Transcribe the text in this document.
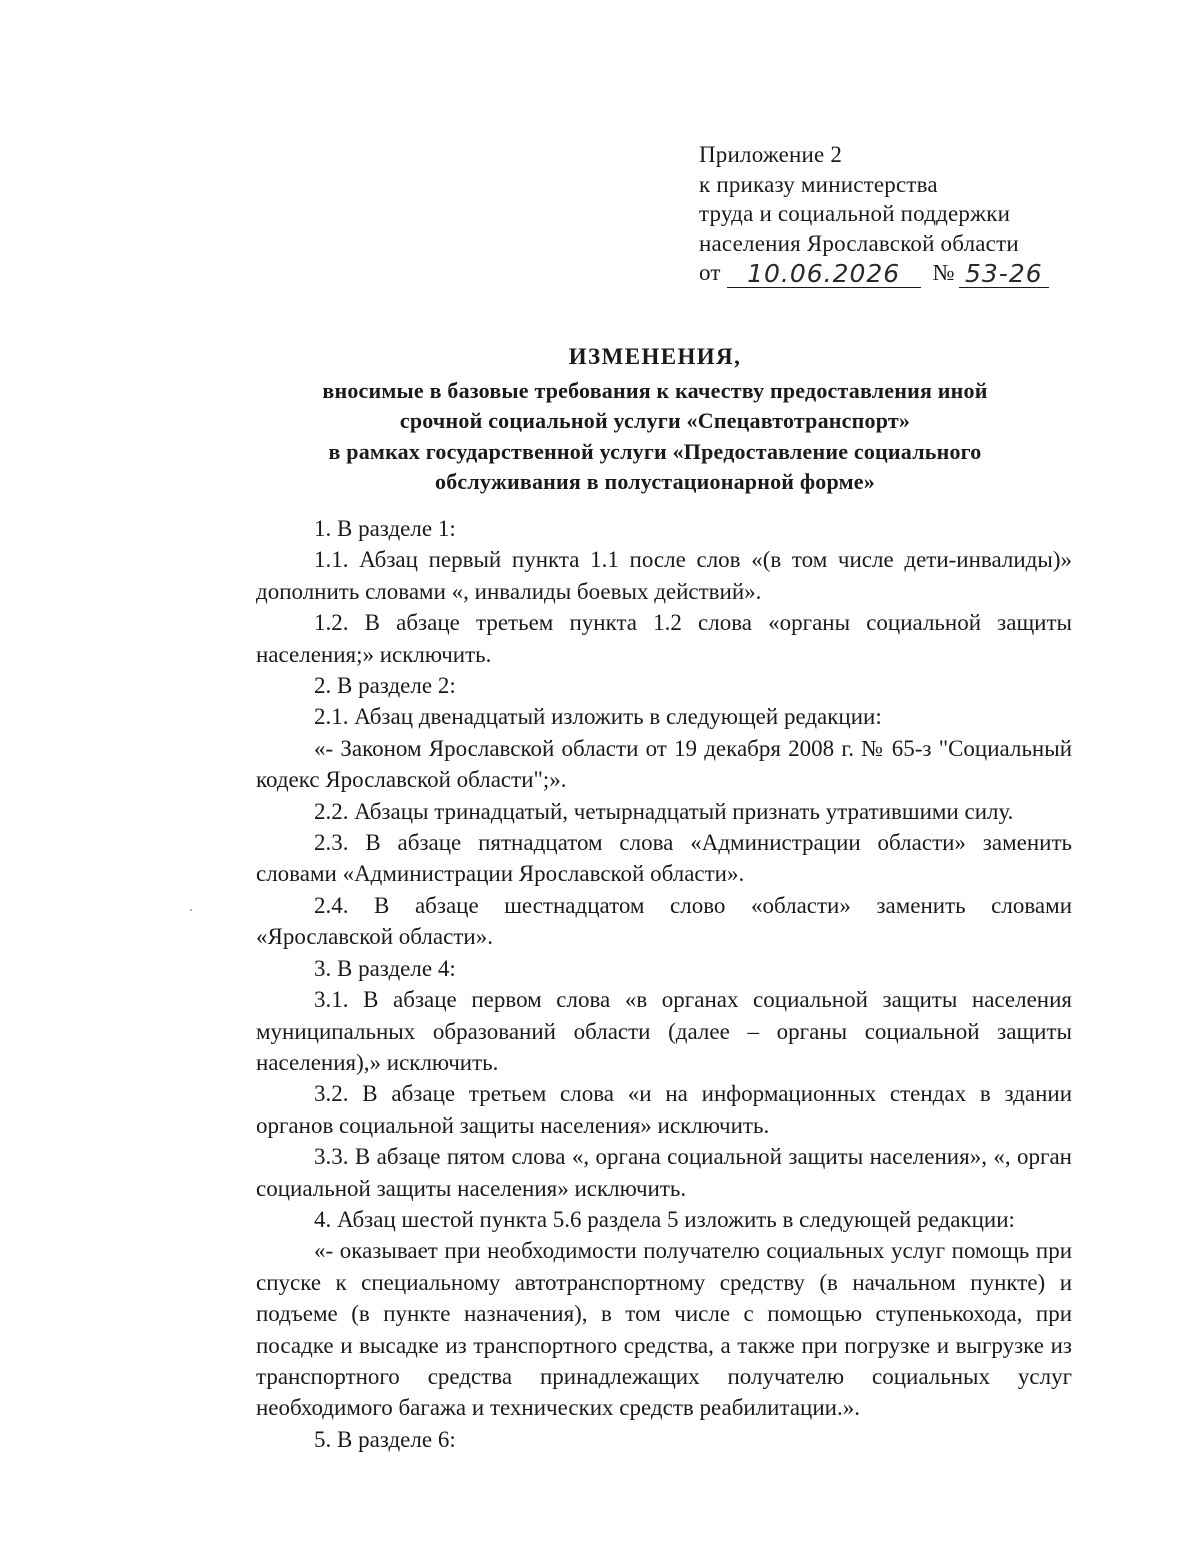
Приложение 2
к приказу министерства
труда и социальной поддержки
населения Ярославской области
от	10.06.2026	№ 53-26
ИЗМЕНЕНИЯ,
вносимые в базовые требования к качеству предоставления иной
срочной социальной услуги «Спецавтотранспорт»
в рамках государственной услуги «Предоставление социального
обслуживания в полустационарной форме»

1. В разделе 1:

1.1. Абзац первый пункта 1.1 после слов «(в том числе дети-инвалиды)» дополнить словами «, инвалиды боевых действий».

1.2. В абзаце третьем пункта 1.2 слова «органы социальной защиты населения;» исключить.

2. В разделе 2:

2.1. Абзац двенадцатый изложить в следующей редакции:

«- Законом Ярославской области от 19 декабря 2008 г. № 65-з "Социальный кодекс Ярославской области";».

2.2. Абзацы тринадцатый, четырнадцатый признать утратившими силу.

2.3. В абзаце пятнадцатом слова «Администрации области» заменить словами «Администрации Ярославской области».

2.4. В абзаце шестнадцатом слово «области» заменить словами «Ярославской области».

3. В разделе 4:

3.1. В абзаце первом слова «в органах социальной защиты населения муниципальных образований области (далее – органы социальной защиты населения),» исключить.

3.2. В абзаце третьем слова «и на информационных стендах в здании органов социальной защиты населения» исключить.

3.3. В абзаце пятом слова «, органа социальной защиты населения», «, орган социальной защиты населения» исключить.

4. Абзац шестой пункта 5.6 раздела 5 изложить в следующей редакции:

«- оказывает при необходимости получателю социальных услуг помощь при спуске к специальному автотранспортному средству (в начальном пункте) и подъеме (в пункте назначения), в том числе с помощью ступенькохода, при посадке и высадке из транспортного средства, а также при погрузке и выгрузке из транспортного средства принадлежащих получателю социальных услуг необходимого багажа и технических средств реабилитации.».

5. В разделе 6:
